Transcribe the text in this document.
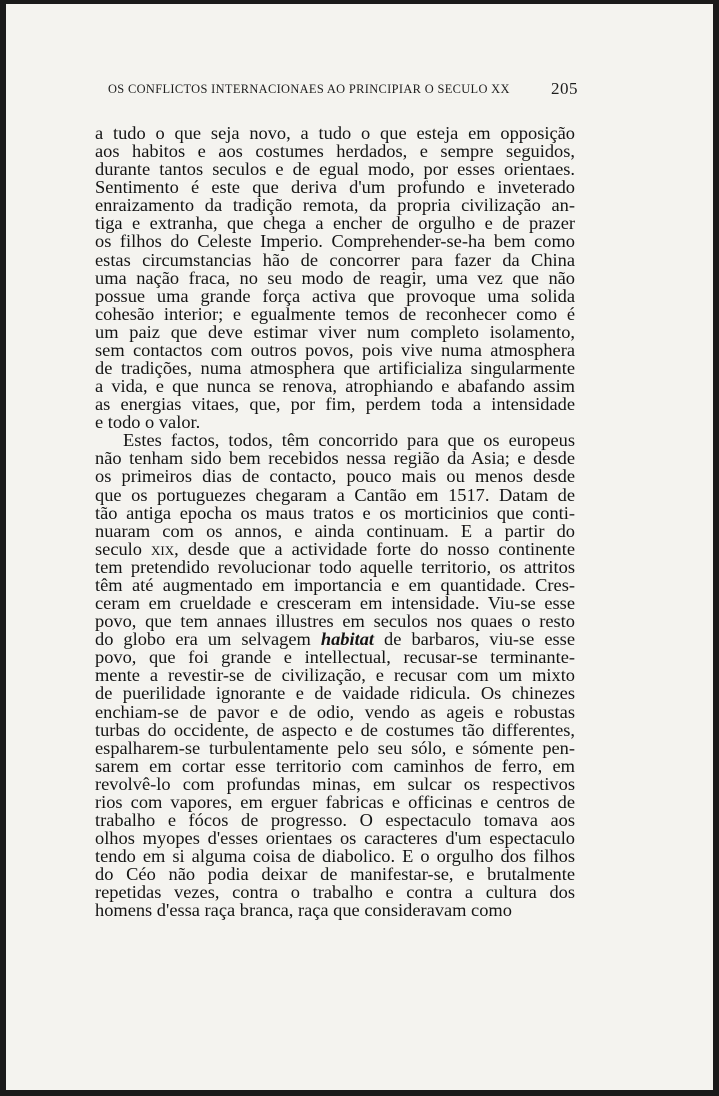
OS CONFLICTOS INTERNACIONAES AO PRINCIPIAR O SECULO XX 205
a tudo o que seja novo, a tudo o que esteja em opposição
aos habitos e aos costumes herdados, e sempre seguidos,
durante tantos seculos e de egual modo, por esses orientaes.
Sentimento é este que deriva d'um profundo e inveterado
enraizamento da tradição remota, da propria civilização an-
tiga e extranha, que chega a encher de orgulho e de prazer
os filhos do Celeste Imperio. Comprehender-se-ha bem como
estas circumstancias hão de concorrer para fazer da China
uma nação fraca, no seu modo de reagir, uma vez que não
possue uma grande força activa que provoque uma solida
cohesão interior; e egualmente temos de reconhecer como é
um paiz que deve estimar viver num completo isolamento,
sem contactos com outros povos, pois vive numa atmosphera
de tradições, numa atmosphera que artificializa singularmente
a vida, e que nunca se renova, atrophiando e abafando assim
as energias vitaes, que, por fim, perdem toda a intensidade
e todo o valor.
Estes factos, todos, têm concorrido para que os europeus
não tenham sido bem recebidos nessa região da Asia; e desde
os primeiros dias de contacto, pouco mais ou menos desde
que os portuguezes chegaram a Cantão em 1517. Datam de
tão antiga epocha os maus tratos e os morticinios que conti-
nuaram com os annos, e ainda continuam. E a partir do
seculo xix, desde que a actividade forte do nosso continente
tem pretendido revolucionar todo aquelle territorio, os attritos
têm até augmentado em importancia e em quantidade. Cres-
ceram em crueldade e cresceram em intensidade. Viu-se esse
povo, que tem annaes illustres em seculos nos quaes o resto
do globo era um selvagem habitat de barbaros, viu-se esse
povo, que foi grande e intellectual, recusar-se terminante-
mente a revestir-se de civilização, e recusar com um mixto
de puerilidade ignorante e de vaidade ridicula. Os chinezes
enchiam-se de pavor e de odio, vendo as ageis e robustas
turbas do occidente, de aspecto e de costumes tão differentes,
espalharem-se turbulentamente pelo seu sólo, e sómente pen-
sarem em cortar esse territorio com caminhos de ferro, em
revolvê-lo com profundas minas, em sulcar os respectivos
rios com vapores, em erguer fabricas e officinas e centros de
trabalho e fócos de progresso. O espectaculo tomava aos
olhos myopes d'esses orientaes os caracteres d'um espectaculo
tendo em si alguma coisa de diabolico. E o orgulho dos filhos
do Céo não podia deixar de manifestar-se, e brutalmente
repetidas vezes, contra o trabalho e contra a cultura dos
homens d'essa raça branca, raça que consideravam como
